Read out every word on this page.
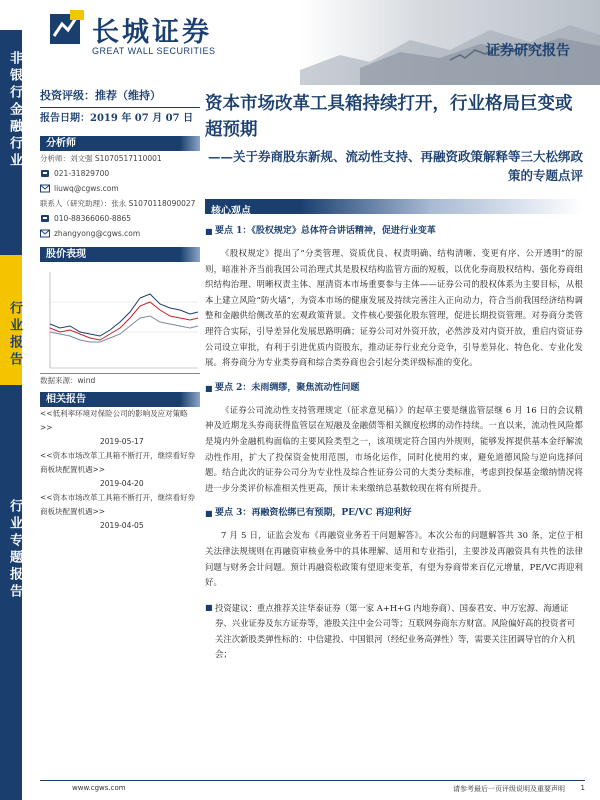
长城证券
GREAT WALL SECURITIES	证券研究报告
非银行金融行业
行业报告
行业专题报告
投资评级：推荐（维持）
报告日期：2019 年 07 月 07 日
分析师
分析师：刘文强 S1070517110001
021-31829700
liuwq@cgws.com
联系人（研究助理）：张永 S1070118090027
010-88366060-8865
zhangyong@cgws.com
股价表现
数据来源：wind
相关报告
<<低利率环境对保险公司的影响及应对策略>>
2019-05-17
<<资本市场改革工具箱不断打开，继续看好券商板块配置机遇>>
2019-04-20
<<资本市场改革工具箱不断打开，继续看好券商板块配置机遇>>
2019-04-05
资本市场改革工具箱持续打开，行业格局巨变或超预期
——关于券商股东新规、流动性支持、再融资政策解释等三大松绑政策的专题点评
核心观点
■ 要点 1：《股权规定》总体符合讲话精神，促进行业变革
《股权规定》提出了“分类管理、资质优良、权责明确、结构清晰、变更有序、公开透明”的原则，暗准补齐当前我国公司治理式其是股权结构监管方面的短板，以优化券商股权结构、强化券商组织结构治理、明晰权责主体、厘清资本市场重要参与主体——证券公司的股权体系为主要目标，从根本上建立风险“防火墙”，为资本市场的健康发展及持续完善注入正向动力，符合当前我国经济结构调整和金融供给侧改革的宏观政策背景。文件核心要强化股东管理，促进长期投资管理。对券商分类管理符合实际，引导差异化发展思路明确；证券公司对外资开放，必然涉及对内资开放，重启内资证券公司设立审批，有利于引进优质内资股东，推动证券行业充分竞争，引导差异化、特色化、专业化发展。将券商分为专业类券商和综合类券商也会引起分类评级标准的变化。
■ 要点 2：未雨绸缪，聚焦流动性问题
《证券公司流动性支持管理规定（征求意见稿）》的起草主要是继监管层继 6 月 16 日的会议精神及近期龙头券商获得监管层在短融及金融债等相关额度松绑的动作持续。一直以来，流动性风险都是境内外金融机构面临的主要风险类型之一，该项规定符合国内外规则，能够发挥提供基本金纾解流动性作用，扩大了投保资金使用范围，市场化运作，同时化使用约束，避免道德风险与逆向选择问题。结合此次的证券公司分为专业性及综合性证券公司的大类分类标准，考虑到投保基金缴纳情况将进一步分类评价标准相关性更高，预计未来缴纳总基数较现在将有所提升。
■ 要点 3：再融资松绑已有预期，PE/VC 再迎利好
7 月 5 日，证监会发布《再融资业务若干问题解答》。本次公布的问题解答共 30 条，定位于相关法律法规规则在再融资审核业务中的具体理解、适用和专业指引，主要涉及再融资具有共性的法律问题与财务会计问题。预计再融资松政策有望迎来变革，有望为券商带来百亿元增量，PE/VC再迎利好。
■ 投资建议：重点推荐关注华泰证券（第一家 A+H+G 内地券商）、国泰君安、申万宏源、海通证券、兴业证券及东方证券等，港股关注中金公司等；互联网券商东方财富。风险偏好高的投资者可关注次新股类弹性标的：中信建投、中国银河（经纪业务高弹性）等，需要关注团调导官的介入机会；
www.cgws.com	请参考最后一页评级说明及重要声明 1
